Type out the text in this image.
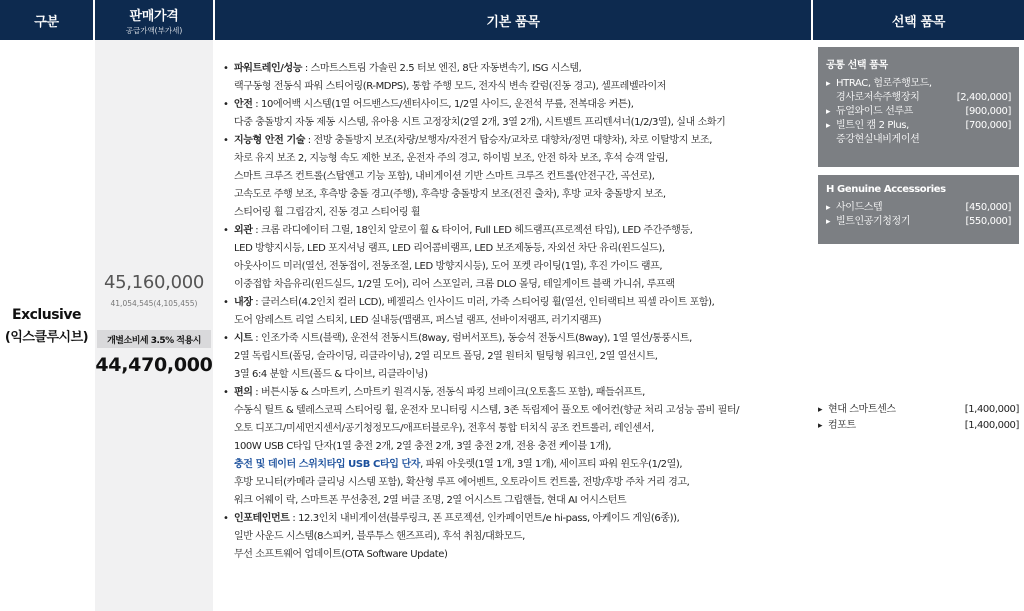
구분	판매가격
공급가액(부가세)
기본 품목	선택 품목
Exclusive
(익스클루시브)
45,160,000
41,054,545(4,105,455)
개별소비세 3.5% 적용시
44,470,000
• 파워트레인/성능 : 스마트스트림 가솔린 2.5 터보 엔진, 8단 자동변속기, ISG 시스템,
랙구동형 전동식 파워 스티어링(R-MDPS), 통합 주행 모드, 전자식 변속 칼럼(진동 경고), 셀프레벨라이저
• 안전 : 10에어백 시스템(1열 어드밴스드/센터사이드, 1/2열 사이드, 운전석 무릎, 전복대응 커튼),
다중 충돌방지 자동 제동 시스템, 유아용 시트 고정장치(2열 2개, 3열 2개), 시트벨트 프리텐셔너(1/2/3열), 실내 소화기
• 지능형 안전 기술 : 전방 충돌방지 보조(차량/보행자/자전거 탑승자/교차로 대향차/정면 대향차), 차로 이탈방지 보조,
차로 유지 보조 2, 지능형 속도 제한 보조, 운전자 주의 경고, 하이빔 보조, 안전 하차 보조, 후석 승객 알림,
스마트 크루즈 컨트롤(스탑앤고 기능 포함), 내비게이션 기반 스마트 크루즈 컨트롤(안전구간, 곡선로),
고속도로 주행 보조, 후측방 충돌 경고(주행), 후측방 충돌방지 보조(전진 출차), 후방 교차 충돌방지 보조,
스티어링 휠 그립감지, 진동 경고 스티어링 휠
• 외관 : 크롬 라디에이터 그릴, 18인치 알로이 휠 & 타이어, Full LED 헤드램프(프로젝션 타입), LED 주간주행등,
LED 방향지시등, LED 포지셔닝 램프, LED 리어콤비램프, LED 보조제동등, 자외선 차단 유리(윈드실드),
아웃사이드 미러(열선, 전동접이, 전동조절, LED 방향지시등), 도어 포켓 라이팅(1열), 후진 가이드 램프,
이중접합 차음유리(윈드실드, 1/2열 도어), 리어 스포일러, 크롬 DLO 몰딩, 테일게이트 블랙 가니쉬, 루프랙
• 내장 : 클러스터(4.2인치 컬러 LCD), 베젤리스 인사이드 미러, 가죽 스티어링 휠(열선, 인터랙티브 픽셀 라이트 포함),
도어 암레스트 리얼 스티치, LED 실내등(맵램프, 퍼스널 램프, 선바이저램프, 러기지램프)
• 시트 : 인조가죽 시트(블랙), 운전석 전동시트(8way, 럼버서포트), 동승석 전동시트(8way), 1열 열선/통풍시트,
2열 독립시트(폴딩, 슬라이딩, 리클라이닝), 2열 리모트 폴딩, 2열 원터치 틸팅형 워크인, 2열 열선시트,
3열 6:4 분할 시트(폴드 & 다이브, 리클라이닝)
• 편의 : 버튼시동 & 스마트키, 스마트키 원격시동, 전동식 파킹 브레이크(오토홀드 포함), 패들쉬프트,
수동식 틸트 & 텔레스코픽 스티어링 휠, 운전자 모니터링 시스템, 3존 독립제어 풀오토 에어컨(향균 처리 고성능 콤비 필터/
오토 디포그/미세먼지센서/공기청정모드/애프터블로우), 전후석 통합 터치식 공조 컨트롤러, 레인센서,
100W USB C타입 단자(1열 충전 2개, 2열 충전 2개, 3열 충전 2개, 전용 충전 케이블 1개),
충전 및 데이터 스위치타입 USB C타입 단자, 파워 아웃렛(1열 1개, 3열 1개), 세이프티 파워 윈도우(1/2열),
후방 모니터(카메라 클리닝 시스템 포함), 확산형 루프 에어벤트, 오토라이트 컨트롤, 전방/후방 주차 거리 경고,
워크 어웨이 락, 스마트폰 무선충전, 2열 버클 조명, 2열 어시스트 그립핸들, 현대 AI 어시스턴트
• 인포테인먼트 : 12.3인치 내비게이션(블루링크, 폰 프로젝션, 인카페이먼트/e hi-pass, 아케이드 게임(6종)),
일반 사운드 시스템(8스피커, 블루투스 핸즈프리), 후석 취침/대화모드,
무선 소프트웨어 업데이트(OTA Software Update)
공통 선택 품목
▸ HTRAC, 험로주행모드,
경사로저속주행장치	[2,400,000]
▸ 듀얼와이드 선루프	[900,000]
▸ 빌트인 캠 2 Plus,	[700,000]
증강현실내비게이션
H Genuine Accessories
▸ 사이드스텝	[450,000]
▸ 빌트인공기청정기	[550,000]
▸ 현대 스마트센스	[1,400,000]
▸ 컴포트	[1,400,000]
